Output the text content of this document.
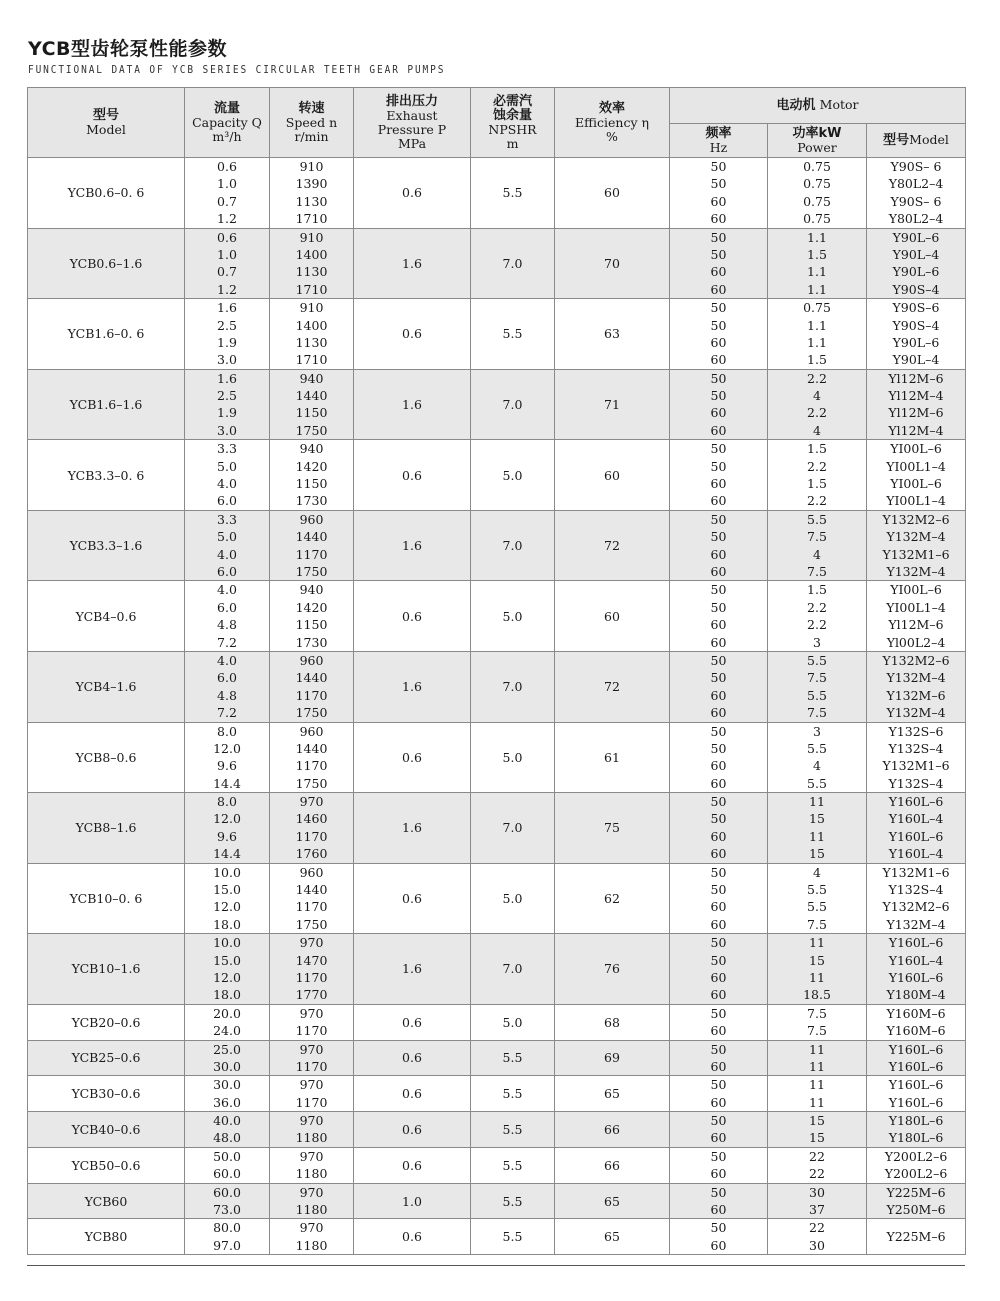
YCB型齿轮泵性能参数
FUNCTIONAL DATA OF YCB SERIES CIRCULAR TEETH GEAR PUMPS
型号
Model	流量
Capacity Q
m³/h	转速
Speed n
r/min	排出压力
Exhaust
Pressure P
MPa	必需汽
蚀余量
NPSHR
m	效率
Efficiency η
%	电动机 Motor		

						频率
Hz	功率kW
Power	型号Model
YCB0.6–0. 6	0.6
1.0
0.7
1.2	910
1390
1130
1710	0.6	5.5	60	50
50
60
60	0.75
0.75
0.75
0.75	Y90S– 6
Y80L2–4
Y90S– 6
Y80L2–4

YCB0.6–1.6	0.6
1.0
0.7
1.2	910
1400
1130
1710	1.6	7.0	70	50
50
60
60	1.1
1.5
1.1
1.1	Y90L–6
Y90L–4
Y90L–6
Y90S–4

YCB1.6–0. 6	1.6
2.5
1.9
3.0	910
1400
1130
1710	0.6	5.5	63	50
50
60
60	0.75
1.1
1.1
1.5	Y90S–6
Y90S–4
Y90L–6
Y90L–4

YCB1.6–1.6	1.6
2.5
1.9
3.0	940
1440
1150
1750	1.6	7.0	71	50
50
60
60	2.2
4
2.2
4	Yl12M–6
Yl12M–4
Yl12M–6
Yl12M–4

YCB3.3–0. 6	3.3
5.0
4.0
6.0	940
1420
1150
1730	0.6	5.0	60	50
50
60
60	1.5
2.2
1.5
2.2	YI00L–6
YI00L1–4
YI00L–6
YI00L1–4

YCB3.3–1.6	3.3
5.0
4.0
6.0	960
1440
1170
1750	1.6	7.0	72	50
50
60
60	5.5
7.5
4
7.5	Y132M2–6
Y132M–4
Y132M1–6
Y132M–4

YCB4–0.6	4.0
6.0
4.8
7.2	940
1420
1150
1730	0.6	5.0	60	50
50
60
60	1.5
2.2
2.2
3	YI00L–6
YI00L1–4
Yl12M–6
Yl00L2–4

YCB4–1.6	4.0
6.0
4.8
7.2	960
1440
1170
1750	1.6	7.0	72	50
50
60
60	5.5
7.5
5.5
7.5	Y132M2–6
Y132M–4
Y132M–6
Y132M–4

YCB8–0.6	8.0
12.0
9.6
14.4	960
1440
1170
1750	0.6	5.0	61	50
50
60
60	3
5.5
4
5.5	Y132S–6
Y132S–4
Y132M1–6
Y132S–4

YCB8–1.6	8.0
12.0
9.6
14.4	970
1460
1170
1760	1.6	7.0	75	50
50
60
60	11
15
11
15	Y160L–6
Y160L–4
Y160L–6
Y160L–4

YCB10–0. 6	10.0
15.0
12.0
18.0	960
1440
1170
1750	0.6	5.0	62	50
50
60
60	4
5.5
5.5
7.5	Y132M1–6
Y132S–4
Y132M2–6
Y132M–4

YCB10–1.6	10.0
15.0
12.0
18.0	970
1470
1170
1770	1.6	7.0	76	50
50
60
60	11
15
11
18.5	Y160L–6
Y160L–4
Y160L–6
Y180M–4

YCB20–0.6	20.0
24.0	970
1170	0.6	5.0	68	50
60	7.5
7.5	Y160M–6
Y160M–6

YCB25–0.6	25.0
30.0	970
1170	0.6	5.5	69	50
60	11
11	Y160L–6
Y160L–6

YCB30–0.6	30.0
36.0	970
1170	0.6	5.5	65	50
60	11
11	Y160L–6
Y160L–6

YCB40–0.6	40.0
48.0	970
1180	0.6	5.5	66	50
60	15
15	Y180L–6
Y180L–6

YCB50–0.6	50.0
60.0	970
1180	0.6	5.5	66	50
60	22
22	Y200L2–6
Y200L2–6

YCB60	60.0
73.0	970
1180	1.0	5.5	65	50
60	30
37	Y225M–6
Y250M–6

YCB80	80.0
97.0	970
1180	0.6	5.5	65	50
60	22
30	Y225M–6
